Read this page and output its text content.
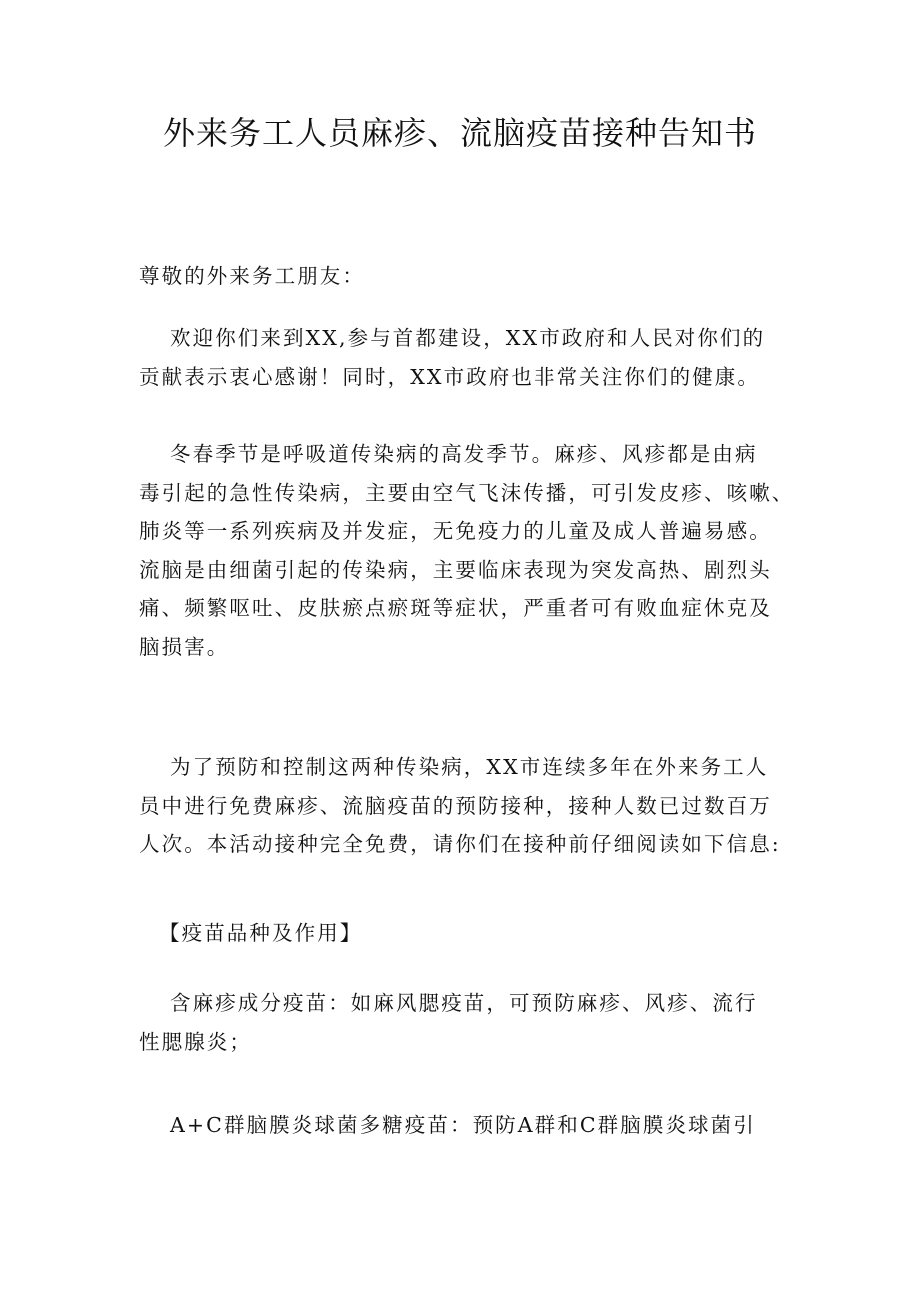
外来务工人员麻疹、流脑疫苗接种告知书

尊敬的外来务工朋友：

欢迎你们来到XX,参与首都建设，XX市政府和人民对你们的
贡献表示衷心感谢！同时，XX市政府也非常关注你们的健康。

冬春季节是呼吸道传染病的高发季节。麻疹、风疹都是由病
毒引起的急性传染病，主要由空气飞沫传播，可引发皮疹、咳嗽、
肺炎等一系列疾病及并发症，无免疫力的儿童及成人普遍易感。
流脑是由细菌引起的传染病，主要临床表现为突发高热、剧烈头
痛、频繁呕吐、皮肤瘀点瘀斑等症状，严重者可有败血症休克及
脑损害。

为了预防和控制这两种传染病，XX市连续多年在外来务工人
员中进行免费麻疹、流脑疫苗的预防接种，接种人数已过数百万
人次。本活动接种完全免费，请你们在接种前仔细阅读如下信息:

【疫苗品种及作用】

含麻疹成分疫苗：如麻风腮疫苗，可预防麻疹、风疹、流行
性腮腺炎；

A+C群脑膜炎球菌多糖疫苗：预防A群和C群脑膜炎球菌引
